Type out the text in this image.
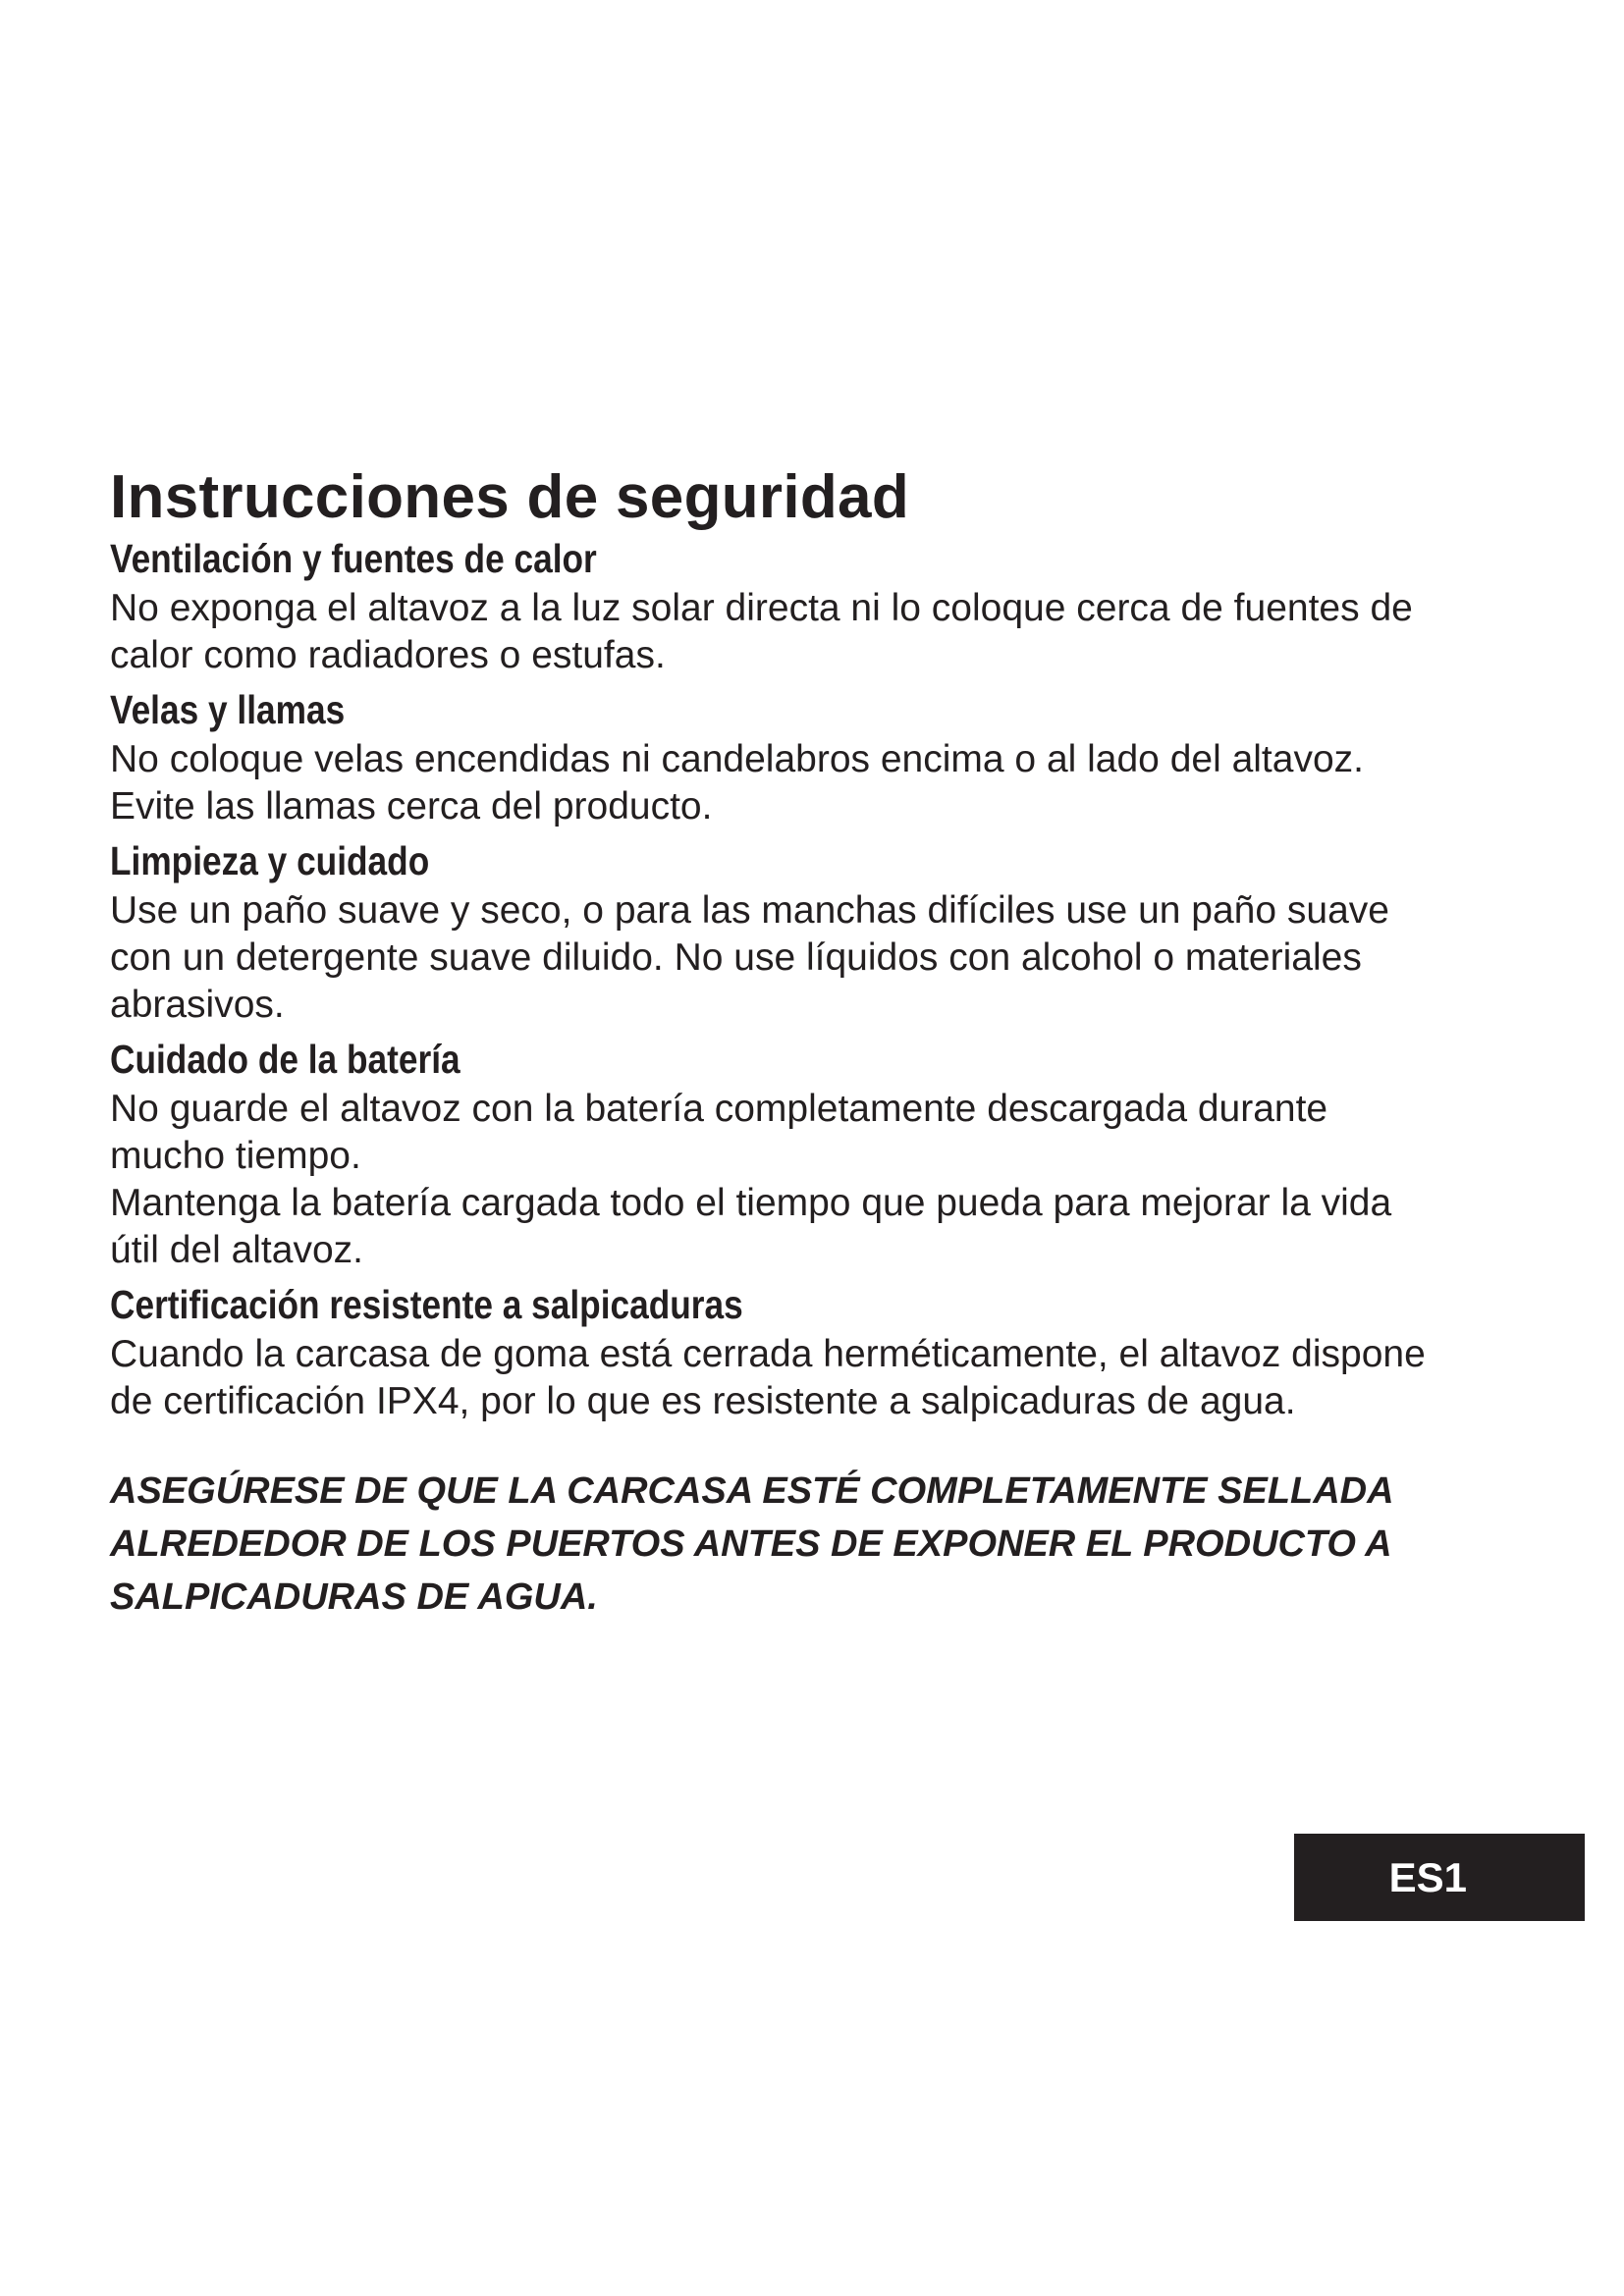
Instrucciones de seguridad
Ventilación y fuentes de calor

No exponga el altavoz a la luz solar directa ni lo coloque cerca de fuentes de
calor como radiadores o estufas.

Velas y llamas

No coloque velas encendidas ni candelabros encima o al lado del altavoz.
Evite las llamas cerca del producto.

Limpieza y cuidado

Use un paño suave y seco, o para las manchas difíciles use un paño suave
con un detergente suave diluido. No use líquidos con alcohol o materiales
abrasivos.

Cuidado de la batería

No guarde el altavoz con la batería completamente descargada durante
mucho tiempo.
Mantenga la batería cargada todo el tiempo que pueda para mejorar la vida
útil del altavoz.

Certificación resistente a salpicaduras

Cuando la carcasa de goma está cerrada herméticamente, el altavoz dispone
de certificación IPX4, por lo que es resistente a salpicaduras de agua.

ASEGÚRESE DE QUE LA CARCASA ESTÉ COMPLETAMENTE SELLADA
ALREDEDOR DE LOS PUERTOS ANTES DE EXPONER EL PRODUCTO A
SALPICADURAS DE AGUA.

ES1
